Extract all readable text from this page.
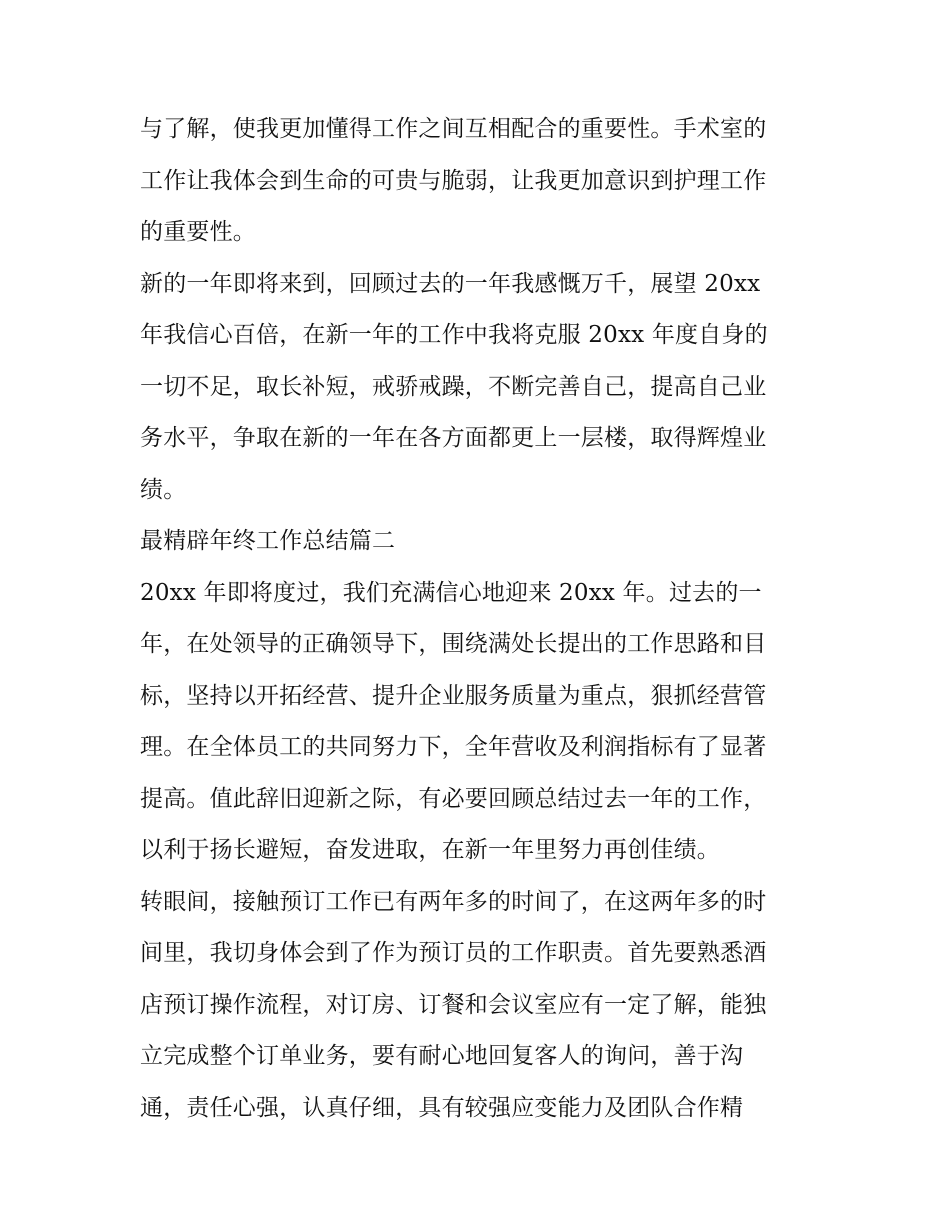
与了解，使我更加懂得工作之间互相配合的重要性。手术室的
工作让我体会到生命的可贵与脆弱，让我更加意识到护理工作
的重要性。
新的一年即将来到，回顾过去的一年我感慨万千，展望 20xx
年我信心百倍，在新一年的工作中我将克服 20xx 年度自身的
一切不足，取长补短，戒骄戒躁，不断完善自己，提高自己业
务水平，争取在新的一年在各方面都更上一层楼，取得辉煌业
绩。
最精辟年终工作总结篇二
20xx 年即将度过，我们充满信心地迎来 20xx 年。过去的一
年，在处领导的正确领导下，围绕满处长提出的工作思路和目
标，坚持以开拓经营、提升企业服务质量为重点，狠抓经营管
理。在全体员工的共同努力下，全年营收及利润指标有了显著
提高。值此辞旧迎新之际，有必要回顾总结过去一年的工作，
以利于扬长避短，奋发进取，在新一年里努力再创佳绩。
转眼间，接触预订工作已有两年多的时间了，在这两年多的时
间里，我切身体会到了作为预订员的工作职责。首先要熟悉酒
店预订操作流程，对订房、订餐和会议室应有一定了解，能独
立完成整个订单业务，要有耐心地回复客人的询问，善于沟
通，责任心强，认真仔细，具有较强应变能力及团队合作精
